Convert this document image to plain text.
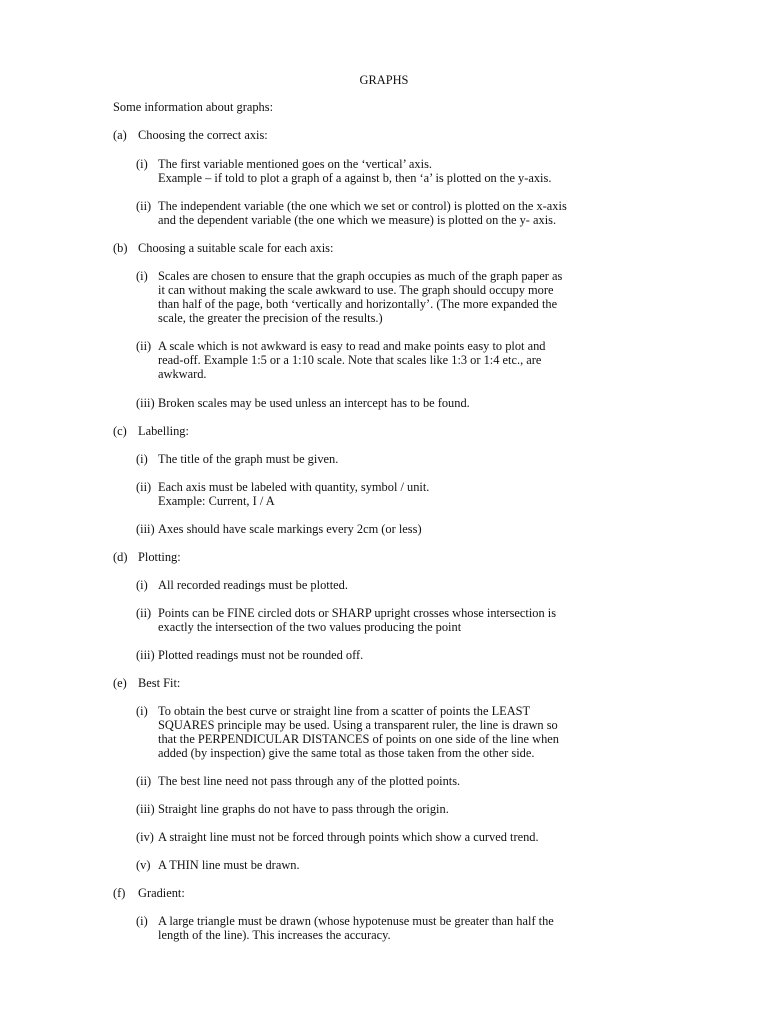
GRAPHS
Some information about graphs:
(a) Choosing the correct axis:
(i) The first variable mentioned goes on the ‘vertical’ axis.
Example – if told to plot a graph of a against b, then ‘a’ is plotted on the y-axis.
(ii) The independent variable (the one which we set or control) is plotted on the x-axis
and the dependent variable (the one which we measure) is plotted on the y- axis.
(b) Choosing a suitable scale for each axis:
(i) Scales are chosen to ensure that the graph occupies as much of the graph paper as
it can without making the scale awkward to use. The graph should occupy more
than half of the page, both ‘vertically and horizontally’. (The more expanded the
scale, the greater the precision of the results.)
(ii) A scale which is not awkward is easy to read and make points easy to plot and
read-off. Example 1:5 or a 1:10 scale. Note that scales like 1:3 or 1:4 etc., are
awkward.
(iii) Broken scales may be used unless an intercept has to be found.
(c) Labelling:
(i) The title of the graph must be given.
(ii) Each axis must be labeled with quantity, symbol / unit.
Example: Current, I / A
(iii) Axes should have scale markings every 2cm (or less)
(d) Plotting:
(i) All recorded readings must be plotted.
(ii) Points can be FINE circled dots or SHARP upright crosses whose intersection is
exactly the intersection of the two values producing the point
(iii) Plotted readings must not be rounded off.
(e) Best Fit:
(i) To obtain the best curve or straight line from a scatter of points the LEAST
SQUARES principle may be used. Using a transparent ruler, the line is drawn so
that the PERPENDICULAR DISTANCES of points on one side of the line when
added (by inspection) give the same total as those taken from the other side.
(ii) The best line need not pass through any of the plotted points.
(iii) Straight line graphs do not have to pass through the origin.
(iv) A straight line must not be forced through points which show a curved trend.
(v) A THIN line must be drawn.
(f) Gradient:
(i) A large triangle must be drawn (whose hypotenuse must be greater than half the
length of the line). This increases the accuracy.
